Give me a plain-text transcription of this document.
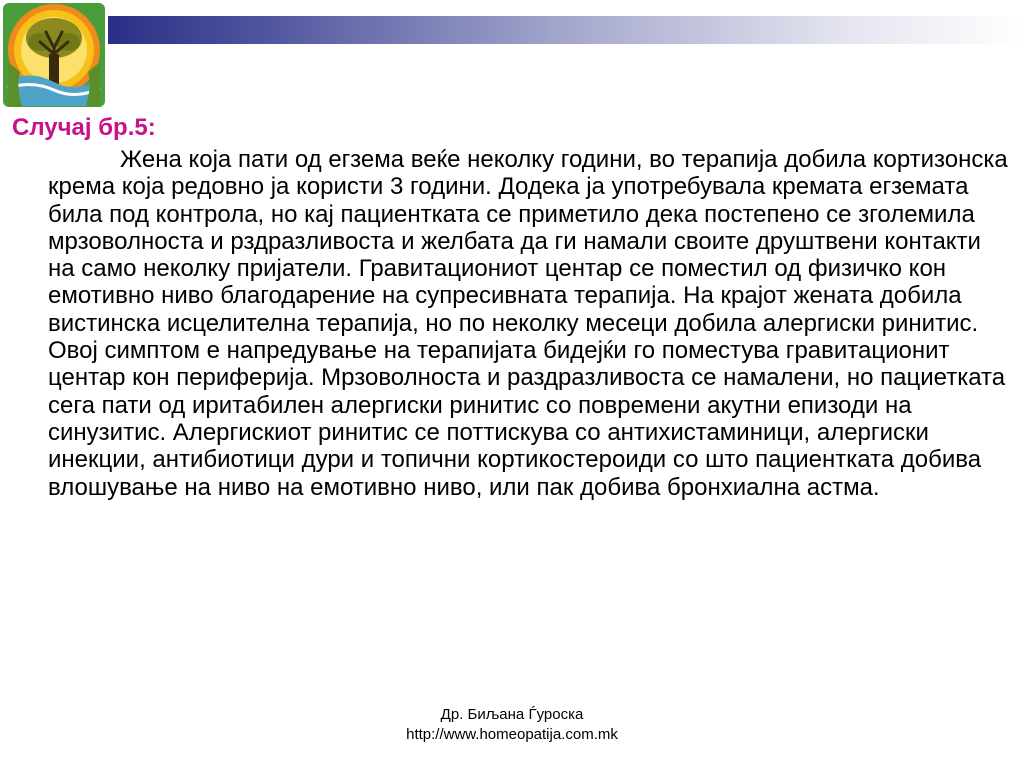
Случај бр.5:

Жена која пати од егзема веќе неколку години, во терапија добила кортизонска крема која редовно ја користи 3 години. Додека ја употребувала кремата егземата била под контрола, но кај пациентката се приметило дека постепено се зголемила мрзоволноста и рздразливоста и желбата да ги намали своите друштвени контакти на само неколку пријатели. Гравитациониот центар се поместил од физичко кон емотивно ниво благодарение на супресивната терапија. На крајот жената добила вистинска исцелителна терапија, но по неколку месеци добила алергиски ринитис. Овој симптом е напредување на терапијата бидејќи го поместува гравитационит центар кон периферија. Мрзоволноста и раздразливоста се намалени, но пациетката сега пати од иритабилен алергиски ринитис со повремени акутни епизоди на синузитис. Алергискиот ринитис се поттискува со антихистаминици, алергиски инекции, антибиотици дури и топични кортикостероиди со што пациентката добива влошување на ниво на емотивно ниво, или пак добива бронхиална астма.

Др. Биљана Ѓуроска
http://www.homeopatija.com.mk
